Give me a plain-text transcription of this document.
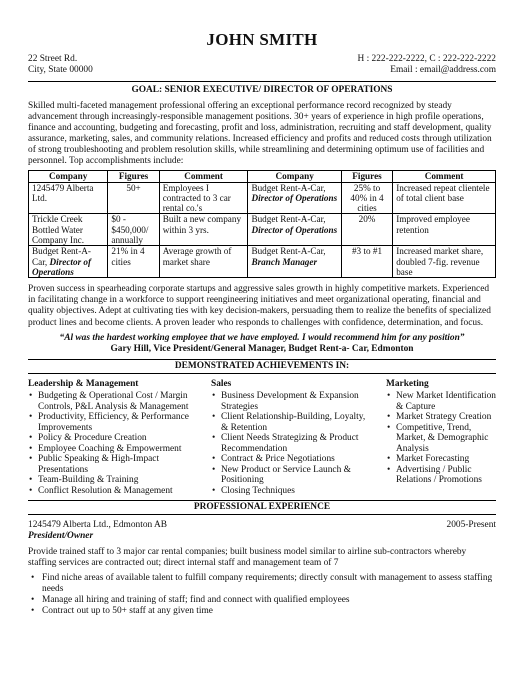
JOHN SMITH
22 Street Rd.
City, State 00000
H : 222-222-2222, C : 222-222-2222
Email : email@address.com
GOAL: SENIOR EXECUTIVE/ DIRECTOR OF OPERATIONS

Skilled multi-faceted management professional offering an exceptional performance record recognized by steady advancement through increasingly-responsible management positions. 30+ years of experience in high profile operations, finance and accounting, budgeting and forecasting, profit and loss, administration, recruiting and staff development, quality assurance, marketing, sales, and community relations. Increased efficiency and profits and reduced costs through utilization of strong troubleshooting and problem resolution skills, while streamlining and determining optimum use of facilities and personnel. Top accomplishments include:

Company	Figures	Comment	Company	Figures	Comment
1245479 Alberta Ltd.	50+	Employees I contracted to 3 car rental co.'s	Budget Rent-A-Car, Director of Operations	25% to 40% in 4 cities	Increased repeat clientele of total client base
Trickle Creek Bottled Water Company Inc.	$0 - $450,000/ annually	Built a new company within 3 yrs.	Budget Rent-A-Car, Director of Operations	20%	Improved employee retention
Budget Rent-A-Car, Director of Operations	21% in 4 cities	Average growth of market share	Budget Rent-A-Car, Branch Manager	#3 to #1	Increased market share, doubled 7-fig. revenue base

Proven success in spearheading corporate startups and aggressive sales growth in highly competitive markets. Experienced in facilitating change in a workforce to support reengineering initiatives and meet organizational operating, financial and quality objectives. Adept at cultivating ties with key decision-makers, persuading them to realize the benefits of specialized product lines and become clients. A proven leader who responds to challenges with confidence, determination, and focus.

“Al was the hardest working employee that we have employed. I would recommend him for any position”
Gary Hill, Vice President/General Manager, Budget Rent-a- Car, Edmonton
DEMONSTRATED ACHIEVEMENTS IN:
Leadership & Management
• Budgeting & Operational Cost / Margin Controls, P&L Analysis & Management
• Productivity, Efficiency, & Performance Improvements
• Policy & Procedure Creation
• Employee Coaching & Empowerment
• Public Speaking & High-Impact Presentations
• Team-Building & Training
• Conflict Resolution & Management
Sales
• Business Development & Expansion Strategies
• Client Relationship-Building, Loyalty, & Retention
• Client Needs Strategizing & Product Recommendation
• Contract & Price Negotiations
• New Product or Service Launch & Positioning
• Closing Techniques
Marketing
• New Market Identification & Capture
• Market Strategy Creation
• Competitive, Trend, Market, & Demographic Analysis
• Market Forecasting
• Advertising / Public Relations / Promotions
PROFESSIONAL EXPERIENCE
1245479 Alberta Ltd., Edmonton AB	2005-Present
President/Owner

Provide trained staff to 3 major car rental companies; built business model similar to airline sub-contractors whereby staffing services are contracted out; direct internal staff and management team of 7

• Find niche areas of available talent to fulfill company requirements; directly consult with management to assess staffing needs
• Manage all hiring and training of staff; find and connect with qualified employees
• Contract out up to 50+ staff at any given time
